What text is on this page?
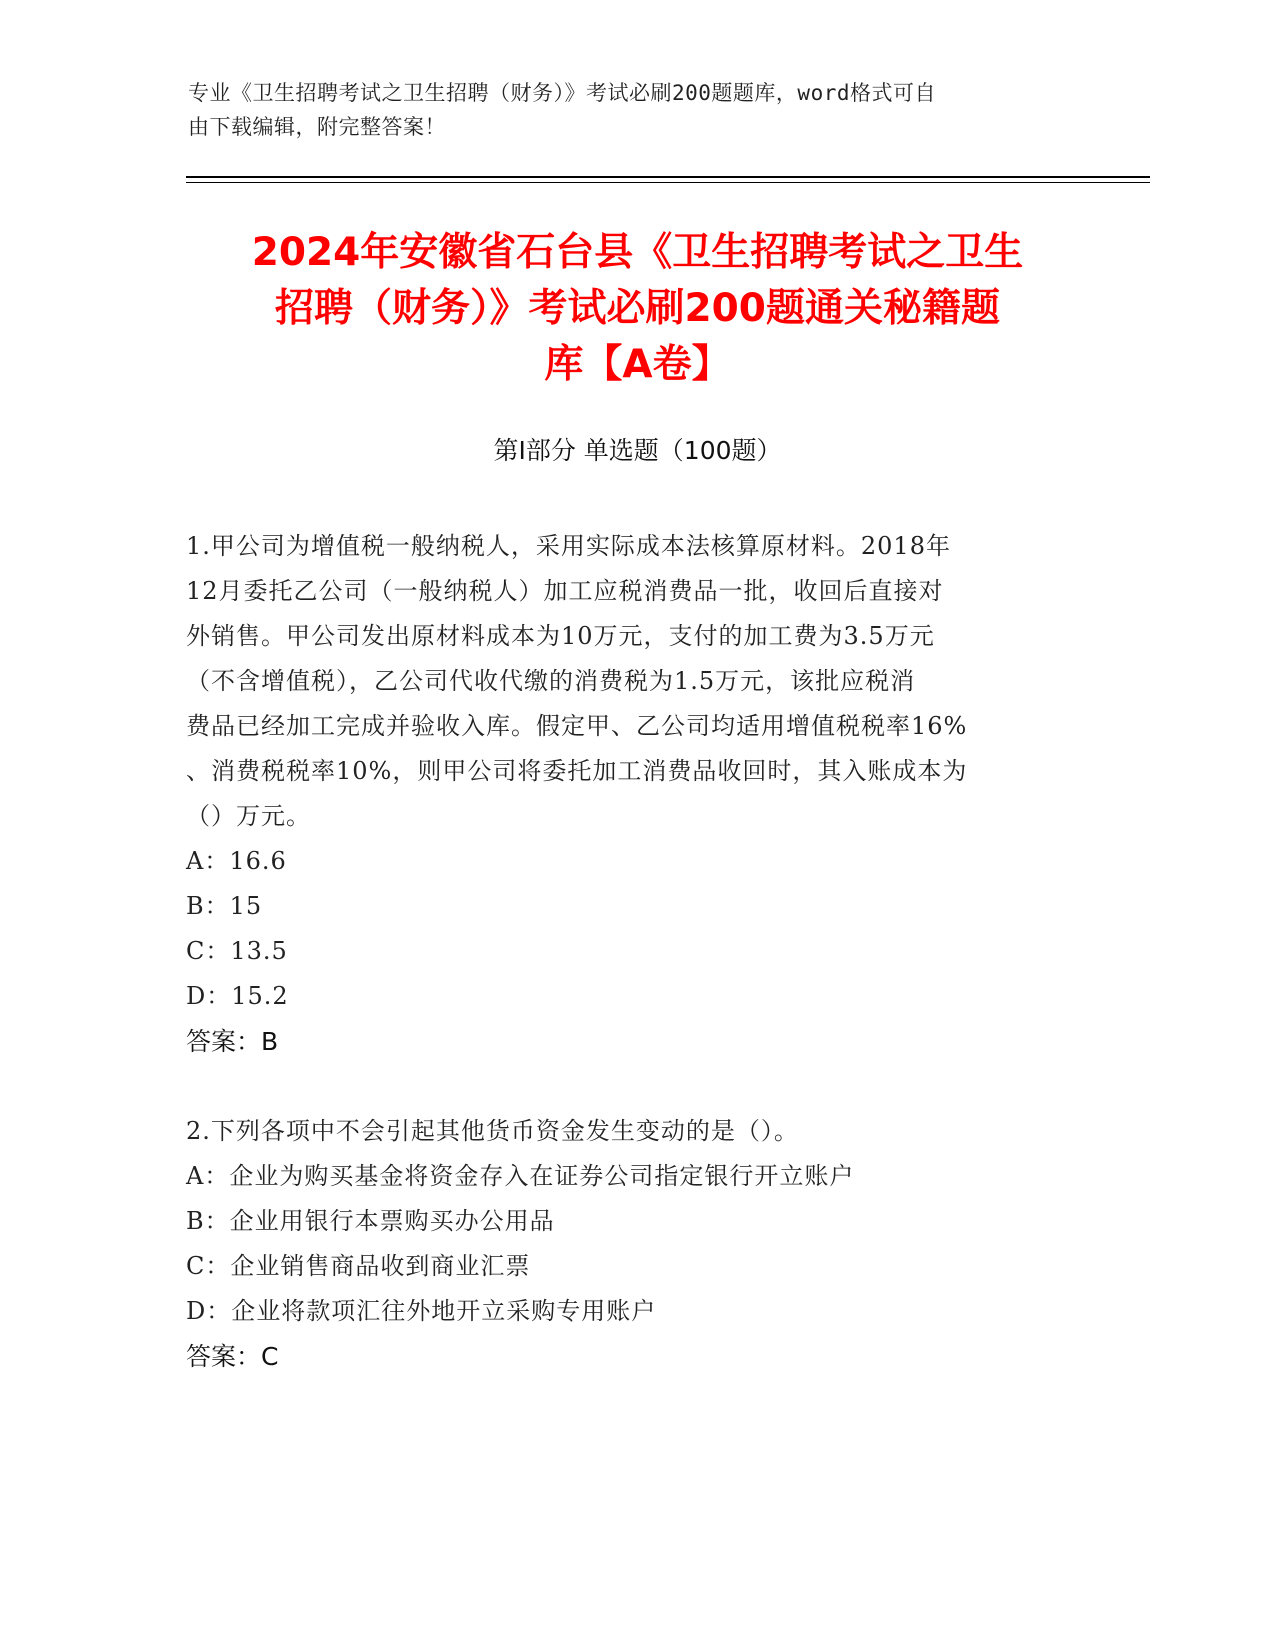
专业《卫生招聘考试之卫生招聘（财务）》考试必刷200题题库，word格式可自
由下载编辑，附完整答案！
2024年安徽省石台县《卫生招聘考试之卫生
招聘（财务）》考试必刷200题通关秘籍题
库【A卷】
第Ⅰ部分 单选题（100题）
1.甲公司为增值税一般纳税人，采用实际成本法核算原材料。2018年
12月委托乙公司（一般纳税人）加工应税消费品一批，收回后直接对
外销售。甲公司发出原材料成本为10万元，支付的加工费为3.5万元
（不含增值税），乙公司代收代缴的消费税为1.5万元，该批应税消
费品已经加工完成并验收入库。假定甲、乙公司均适用增值税税率16%
、消费税税率10%，则甲公司将委托加工消费品收回时，其入账成本为
（）万元。
A：16.6
B：15
C：13.5
D：15.2
答案：B
2.下列各项中不会引起其他货币资金发生变动的是（）。
A：企业为购买基金将资金存入在证券公司指定银行开立账户
B：企业用银行本票购买办公用品
C：企业销售商品收到商业汇票
D：企业将款项汇往外地开立采购专用账户
答案：C
